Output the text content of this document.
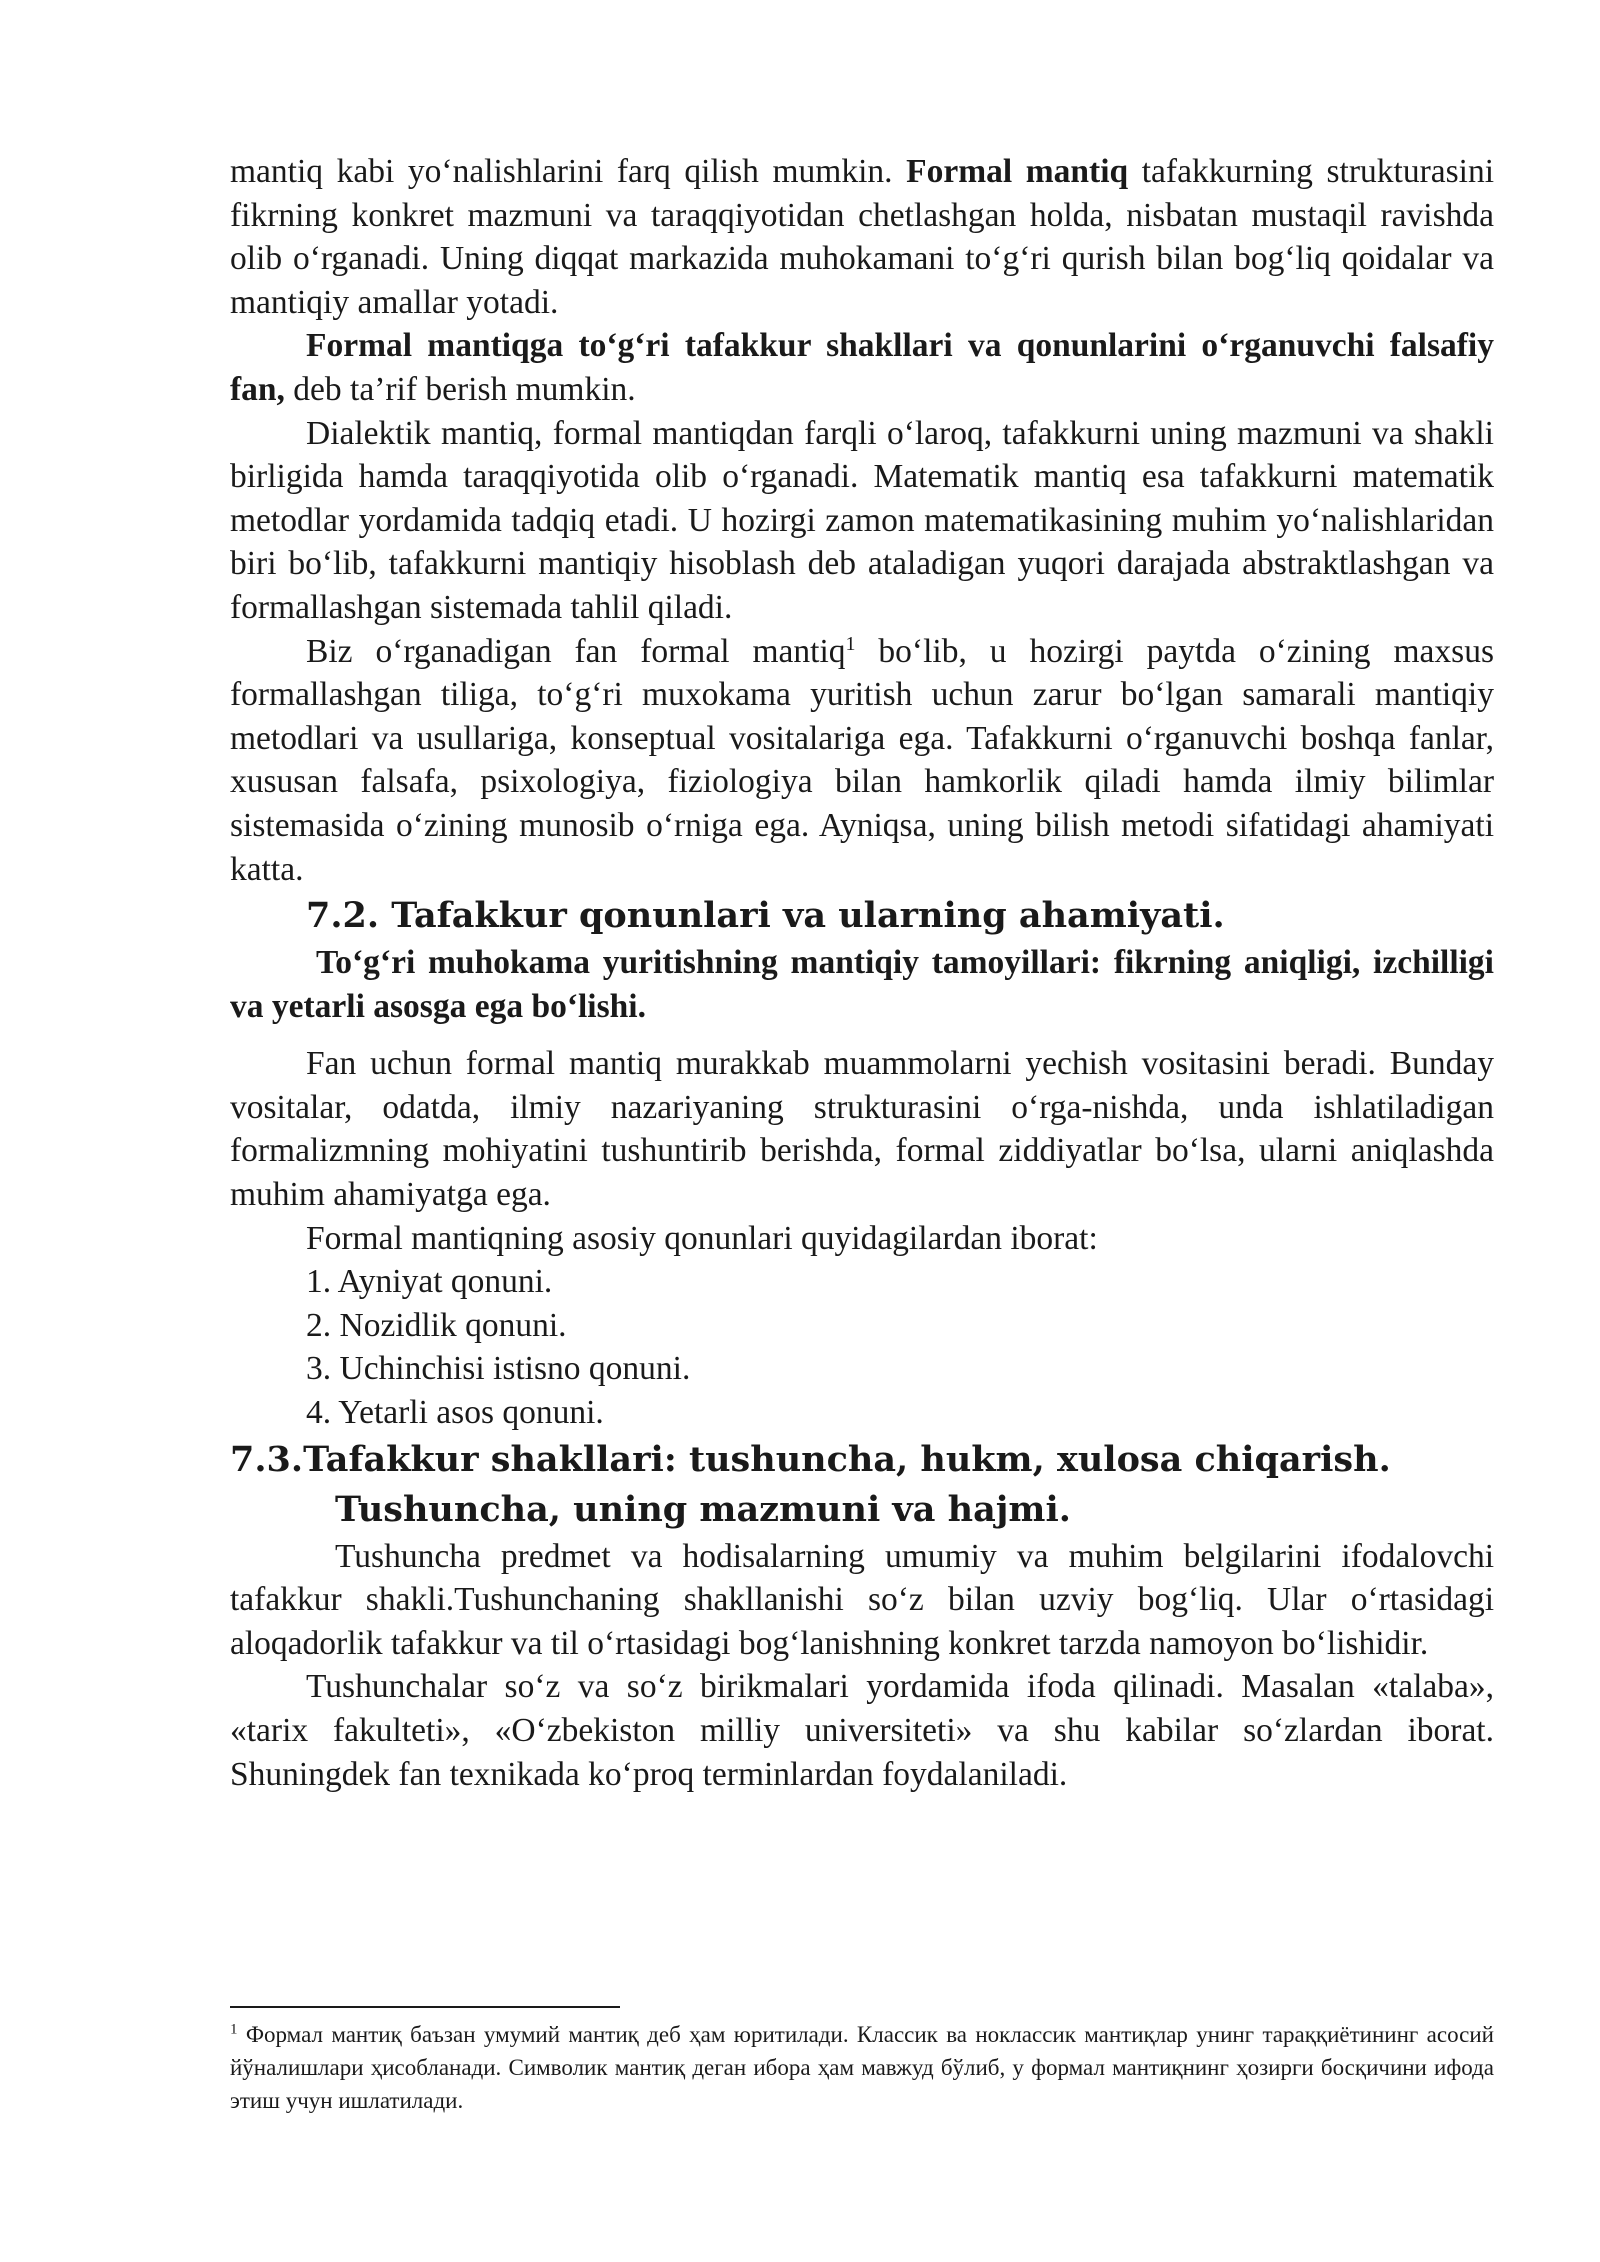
mantiq kabi yo‘nalishlarini farq qilish mumkin. Formal mantiq tafakkurning strukturasini fikrning konkret mazmuni va taraqqiyotidan chetlashgan holda, nisbatan mustaqil ravishda olib o‘rganadi. Uning diqqat markazida muhokamani to‘g‘ri qurish bilan bog‘liq qoidalar va mantiqiy amallar yotadi.

Formal mantiqga to‘g‘ri tafakkur shakllari va qonunlarini o‘rganuvchi falsafiy fan, deb ta’rif berish mumkin.

Dialektik mantiq, formal mantiqdan farqli o‘laroq, tafakkurni uning mazmuni va shakli birligida hamda taraqqiyotida olib o‘rganadi. Matematik mantiq esa tafakkurni matematik metodlar yordamida tadqiq etadi. U hozirgi zamon matematikasining muhim yo‘nalishlaridan biri bo‘lib, tafakkurni mantiqiy hisoblash deb ataladigan yuqori darajada abstraktlashgan va formallashgan sistemada tahlil qiladi.

Biz o‘rganadigan fan formal mantiq$^1$ bo‘lib, u hozirgi paytda o‘zining maxsus formallashgan tiliga, to‘g‘ri muxokama yuritish uchun zarur bo‘lgan samarali mantiqiy metodlari va usullariga, konseptual vositalariga ega. Tafakkurni o‘rganuvchi boshqa fanlar, xususan falsafa, psixologiya, fiziologiya bilan hamkorlik qiladi hamda ilmiy bilimlar sistemasida o‘zining munosib o‘rniga ega. Ayniqsa, uning bilish metodi sifatidagi ahamiyati katta.

7.2. Tafakkur qonunlari va ularning ahamiyati.

To‘g‘ri muhokama yuritishning mantiqiy tamoyillari: fikrning aniqligi, izchilligi va yetarli asosga ega bo‘lishi.

Fan uchun formal mantiq murakkab muammolarni yechish vositasini beradi. Bunday vositalar, odatda, ilmiy nazariyaning strukturasini o‘rga-nishda, unda ishlatiladigan formalizmning mohiyatini tushuntirib berishda, formal ziddiyatlar bo‘lsa, ularni aniqlashda muhim ahamiyatga ega.

Formal mantiqning asosiy qonunlari quyidagilardan iborat:

1. Ayniyat qonuni.

2. Nozidlik qonuni.

3. Uchinchisi istisno qonuni.

4. Yetarli asos qonuni.

7.3.Tafakkur shakllari: tushuncha, hukm, xulosa chiqarish.
Tushuncha, uning mazmuni va hajmi.

Tushuncha predmet va hodisalarning umumiy va muhim belgilarini ifodalovchi tafakkur shakli.Tushunchaning shakllanishi so‘z bilan uzviy bog‘liq. Ular o‘rtasidagi aloqadorlik tafakkur va til o‘rtasidagi bog‘lanishning konkret tarzda namoyon bo‘lishidir.

Tushunchalar so‘z va so‘z birikmalari yordamida ifoda qilinadi. Masalan «talaba», «tarix fakulteti», «O‘zbekiston milliy universiteti» va shu kabilar so‘zlardan iborat. Shuningdek fan texnikada ko‘proq terminlardan foydalaniladi.

$^1$ Формал мантиқ баъзан умумий мантиқ деб ҳам юритилади. Классик ва ноклассик мантиқлар унинг тараққиётининг асосий йўналишлари ҳисобланади. Символик мантиқ деган ибора ҳам мавжуд бўлиб, у формал мантиқнинг ҳозирги босқичини ифода этиш учун ишлатилади.
